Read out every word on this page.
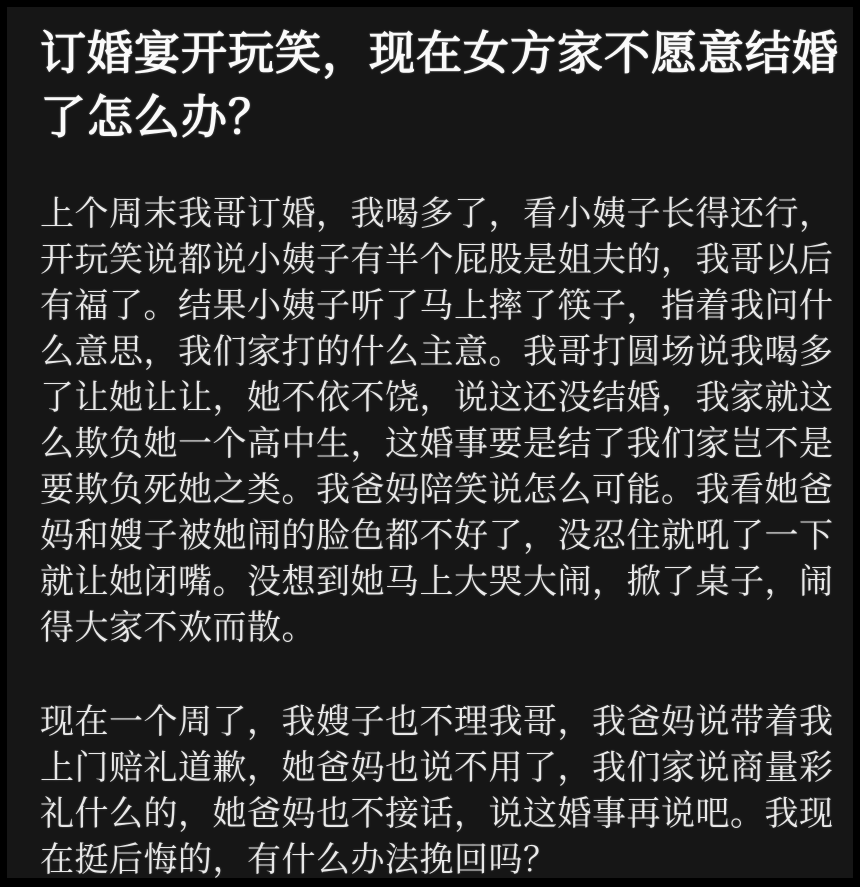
订婚宴开玩笑，现在女方家不愿意结婚
了怎么办？

上个周末我哥订婚，我喝多了，看小姨子长得还行，
开玩笑说都说小姨子有半个屁股是姐夫的，我哥以后
有福了。结果小姨子听了马上摔了筷子，指着我问什
么意思，我们家打的什么主意。我哥打圆场说我喝多
了让她让让，她不依不饶，说这还没结婚，我家就这
么欺负她一个高中生，这婚事要是结了我们家岂不是
要欺负死她之类。我爸妈陪笑说怎么可能。我看她爸
妈和嫂子被她闹的脸色都不好了，没忍住就吼了一下
就让她闭嘴。没想到她马上大哭大闹，掀了桌子，闹
得大家不欢而散。

现在一个周了，我嫂子也不理我哥，我爸妈说带着我
上门赔礼道歉，她爸妈也说不用了，我们家说商量彩
礼什么的，她爸妈也不接话，说这婚事再说吧。我现
在挺后悔的，有什么办法挽回吗？
